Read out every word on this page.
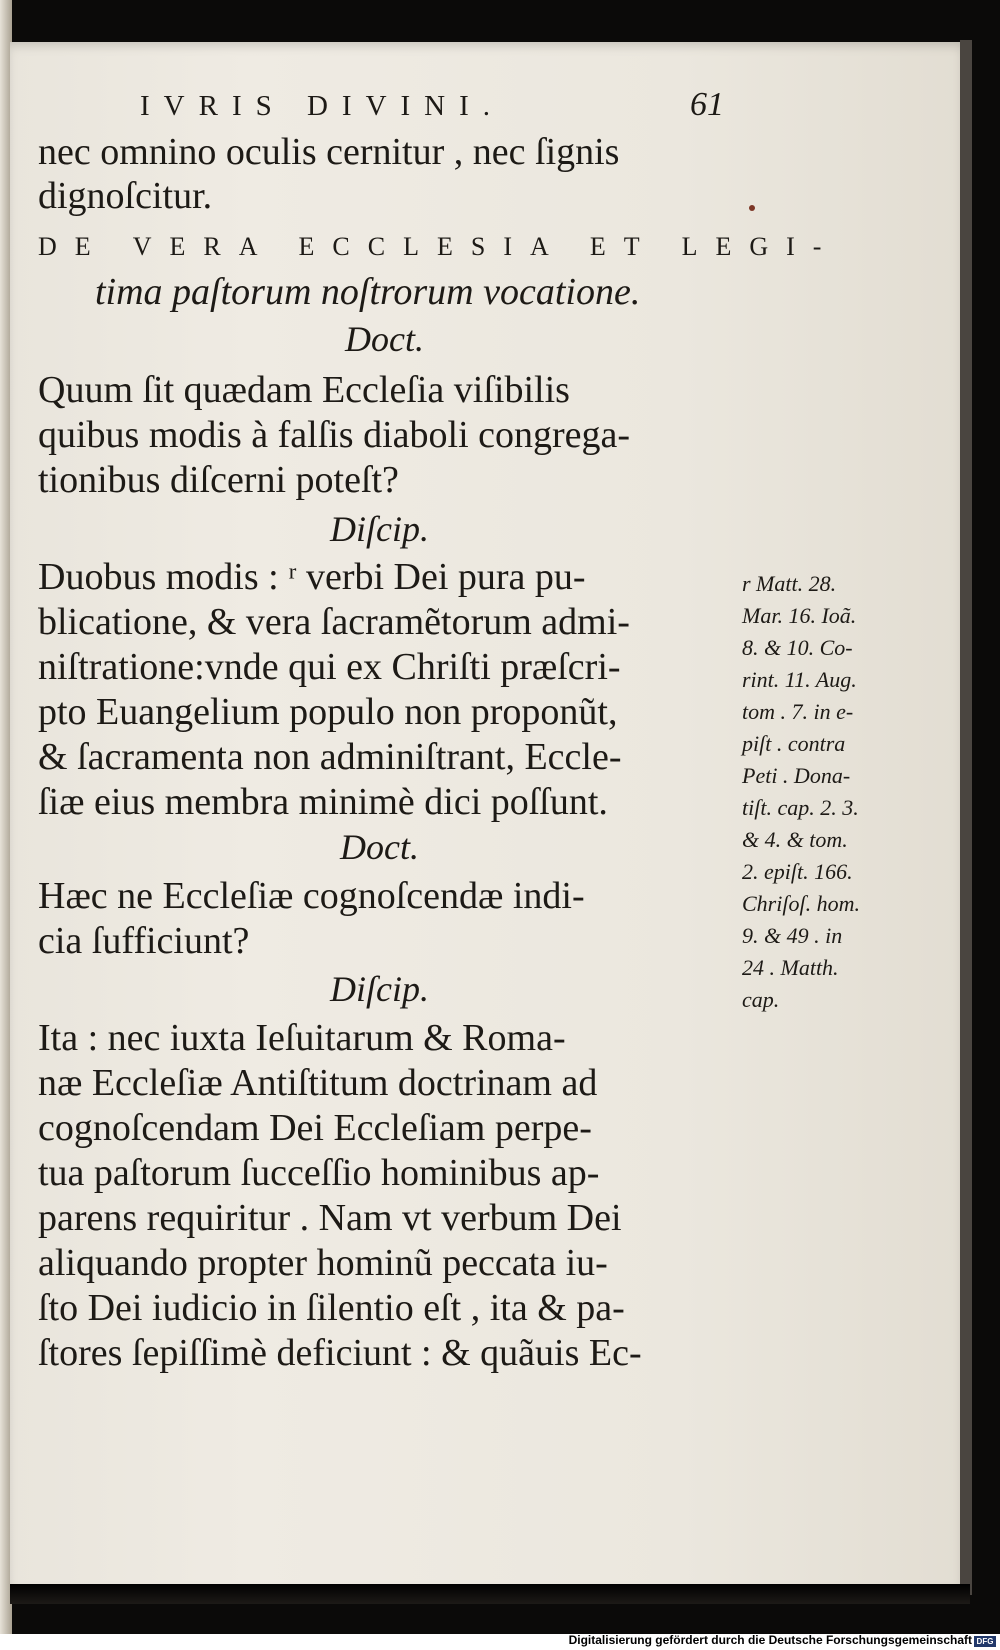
IVRIS DIVINI.	61
nec omnino oculis cernitur , nec ſignis
dignoſcitur.
DE VERA ECCLESIA ET LEGI-
tima paſtorum noſtrorum vocatione.
Doct.
Quum ſit quædam Eccleſia viſibilis
quibus modis à falſis diaboli congrega-
tionibus diſcerni poteſt?
Diſcip.
Duobus modis : ʳ verbi Dei pura pu-
blicatione, & vera ſacramẽtorum admi-
niſtratione:vnde qui ex Chriſti præſcri-
pto Euangelium populo non proponũt,
& ſacramenta non adminiſtrant, Eccle-
ſiæ eius membra minimè dici poſſunt.
Doct.
Hæc ne Eccleſiæ cognoſcendæ indi-
cia ſufficiunt?
Diſcip.
Ita : nec iuxta Ieſuitarum & Roma-
næ Eccleſiæ Antiſtitum doctrinam ad
cognoſcendam Dei Eccleſiam perpe-
tua paſtorum ſucceſſio hominibus ap-
parens requiritur . Nam vt verbum Dei
aliquando propter hominũ peccata iu-
ſto Dei iudicio in ſilentio eſt , ita & pa-
ſtores ſepiſſimè deficiunt : & quãuis Ec-
r Matt. 28.
Mar. 16. Ioã.
8. & 10. Co-
rint. 11. Aug.
tom . 7. in e-
piſt . contra
Peti . Dona-
tiſt. cap. 2. 3.
& 4. & tom.
2. epiſt. 166.
Chriſoſ. hom.
9. & 49 . in
24 . Matth.
cap.
Digitalisierung gefördert durch die Deutsche Forschungsgemeinschaft DFG
